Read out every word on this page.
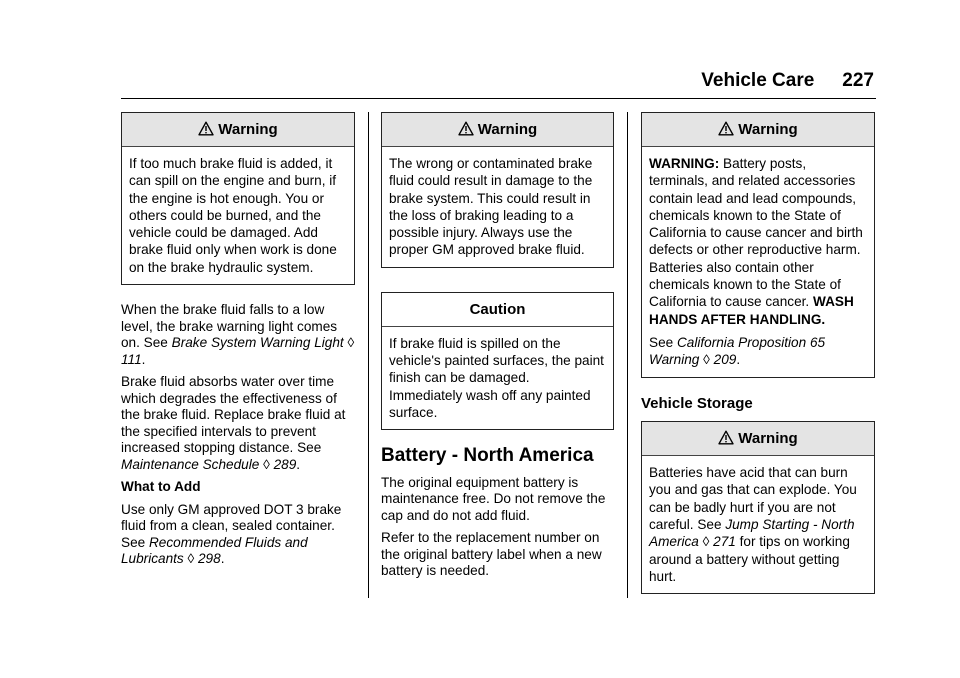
Vehicle Care 227
Warning

If too much brake fluid is added, it can spill on the engine and burn, if the engine is hot enough. You or others could be burned, and the vehicle could be damaged. Add brake fluid only when work is done on the brake hydraulic system.

When the brake fluid falls to a low level, the brake warning light comes on. See Brake System Warning Light ◊ 111.

Brake fluid absorbs water over time which degrades the effectiveness of the brake fluid. Replace brake fluid at the specified intervals to prevent increased stopping distance. See Maintenance Schedule ◊ 289.

What to Add

Use only GM approved DOT 3 brake fluid from a clean, sealed container. See Recommended Fluids and Lubricants ◊ 298.

Warning

The wrong or contaminated brake fluid could result in damage to the brake system. This could result in the loss of braking leading to a possible injury. Always use the proper GM approved brake fluid.

Caution

If brake fluid is spilled on the vehicle's painted surfaces, the paint finish can be damaged. Immediately wash off any painted surface.

Battery - North America

The original equipment battery is maintenance free. Do not remove the cap and do not add fluid.

Refer to the replacement number on the original battery label when a new battery is needed.

Warning

WARNING: Battery posts, terminals, and related accessories contain lead and lead compounds, chemicals known to the State of California to cause cancer and birth defects or other reproductive harm. Batteries also contain other chemicals known to the State of California to cause cancer. WASH HANDS AFTER HANDLING.

See California Proposition 65 Warning ◊ 209.

Vehicle Storage
Warning

Batteries have acid that can burn you and gas that can explode. You can be badly hurt if you are not careful. See Jump Starting - North America ◊ 271 for tips on working around a battery without getting hurt.
